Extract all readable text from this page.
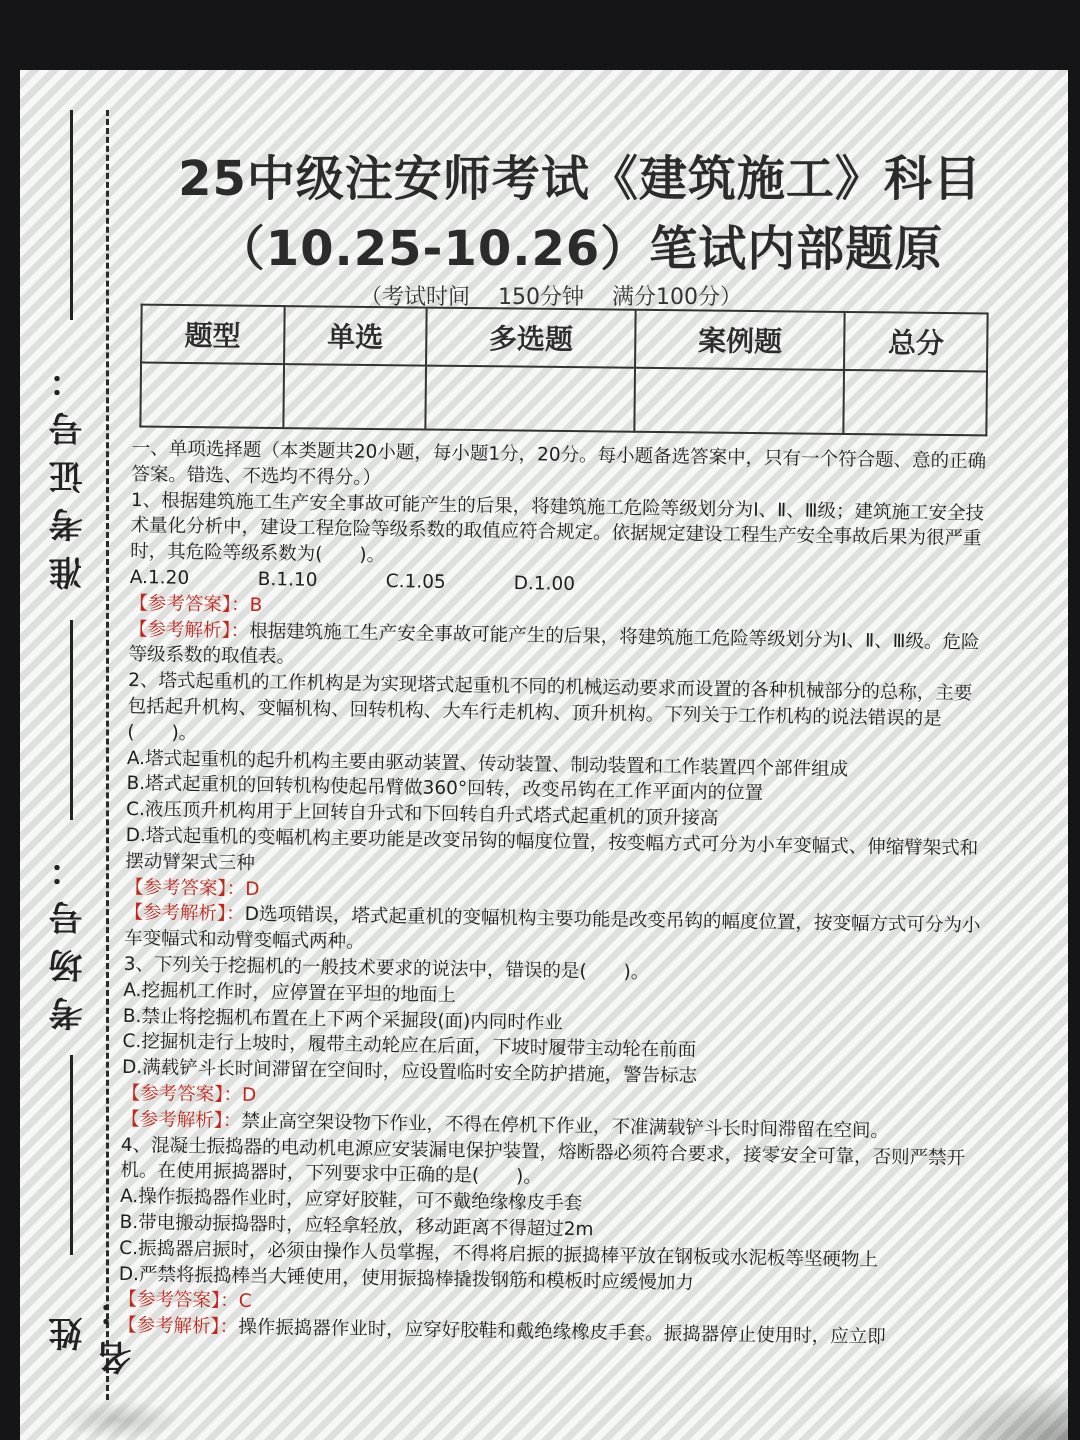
准考证号：
考场号：
姓名：
25中级注安师考试《建筑施工》科目
（10.25-10.26）笔试内部题原
（考试时间 150分钟 满分100分）
题型	单选	多选题	案例题	总分

一、单项选择题（本类题共20小题，每小题1分，20分。每小题备选答案中，只有一个符合题、意的正确答案。错选、不选均不得分。）

1、根据建筑施工生产安全事故可能产生的后果，将建筑施工危险等级划分为Ⅰ、Ⅱ、Ⅲ级；建筑施工安全技术量化分析中，建设工程危险等级系数的取值应符合规定。依据规定建设工程生产安全事故后果为很严重时，其危险等级系数为(　　)。

A.1.20	B.1.10	C.1.05	D.1.00

【参考答案】：B

【参考解析】：根据建筑施工生产安全事故可能产生的后果，将建筑施工危险等级划分为Ⅰ、Ⅱ、Ⅲ级。危险等级系数的取值表。

2、塔式起重机的工作机构是为实现塔式起重机不同的机械运动要求而设置的各种机械部分的总称，主要包括起升机构、变幅机构、回转机构、大车行走机构、顶升机构。下列关于工作机构的说法错误的是(　　)。

A.塔式起重机的起升机构主要由驱动装置、传动装置、制动装置和工作装置四个部件组成

B.塔式起重机的回转机构使起吊臂做360°回转，改变吊钩在工作平面内的位置

C.液压顶升机构用于上回转自升式和下回转自升式塔式起重机的顶升接高

D.塔式起重机的变幅机构主要功能是改变吊钩的幅度位置，按变幅方式可分为小车变幅式、伸缩臂架式和摆动臂架式三种

【参考答案】：D

【参考解析】：D选项错误，塔式起重机的变幅机构主要功能是改变吊钩的幅度位置，按变幅方式可分为小车变幅式和动臂变幅式两种。

3、下列关于挖掘机的一般技术要求的说法中，错误的是(　　)。

A.挖掘机工作时，应停置在平坦的地面上

B.禁止将挖掘机布置在上下两个采掘段(面)内同时作业

C.挖掘机走行上坡时，履带主动轮应在后面，下坡时履带主动轮在前面

D.满载铲斗长时间滞留在空间时，应设置临时安全防护措施，警告标志

【参考答案】：D

【参考解析】：禁止高空架设物下作业，不得在停机下作业，不准满载铲斗长时间滞留在空间。

4、混凝土振捣器的电动机电源应安装漏电保护装置，熔断器必须符合要求，接零安全可靠，否则严禁开机。在使用振捣器时，下列要求中正确的是(　　)。

A.操作振捣器作业时，应穿好胶鞋，可不戴绝缘橡皮手套

B.带电搬动振捣器时，应轻拿轻放，移动距离不得超过2m

C.振捣器启振时，必须由操作人员掌握，不得将启振的振捣棒平放在钢板或水泥板等坚硬物上

D.严禁将振捣棒当大锤使用，使用振捣棒撬拨钢筋和模板时应缓慢加力

【参考答案】：C

【参考解析】：操作振捣器作业时，应穿好胶鞋和戴绝缘橡皮手套。振捣器停止使用时，应立即
